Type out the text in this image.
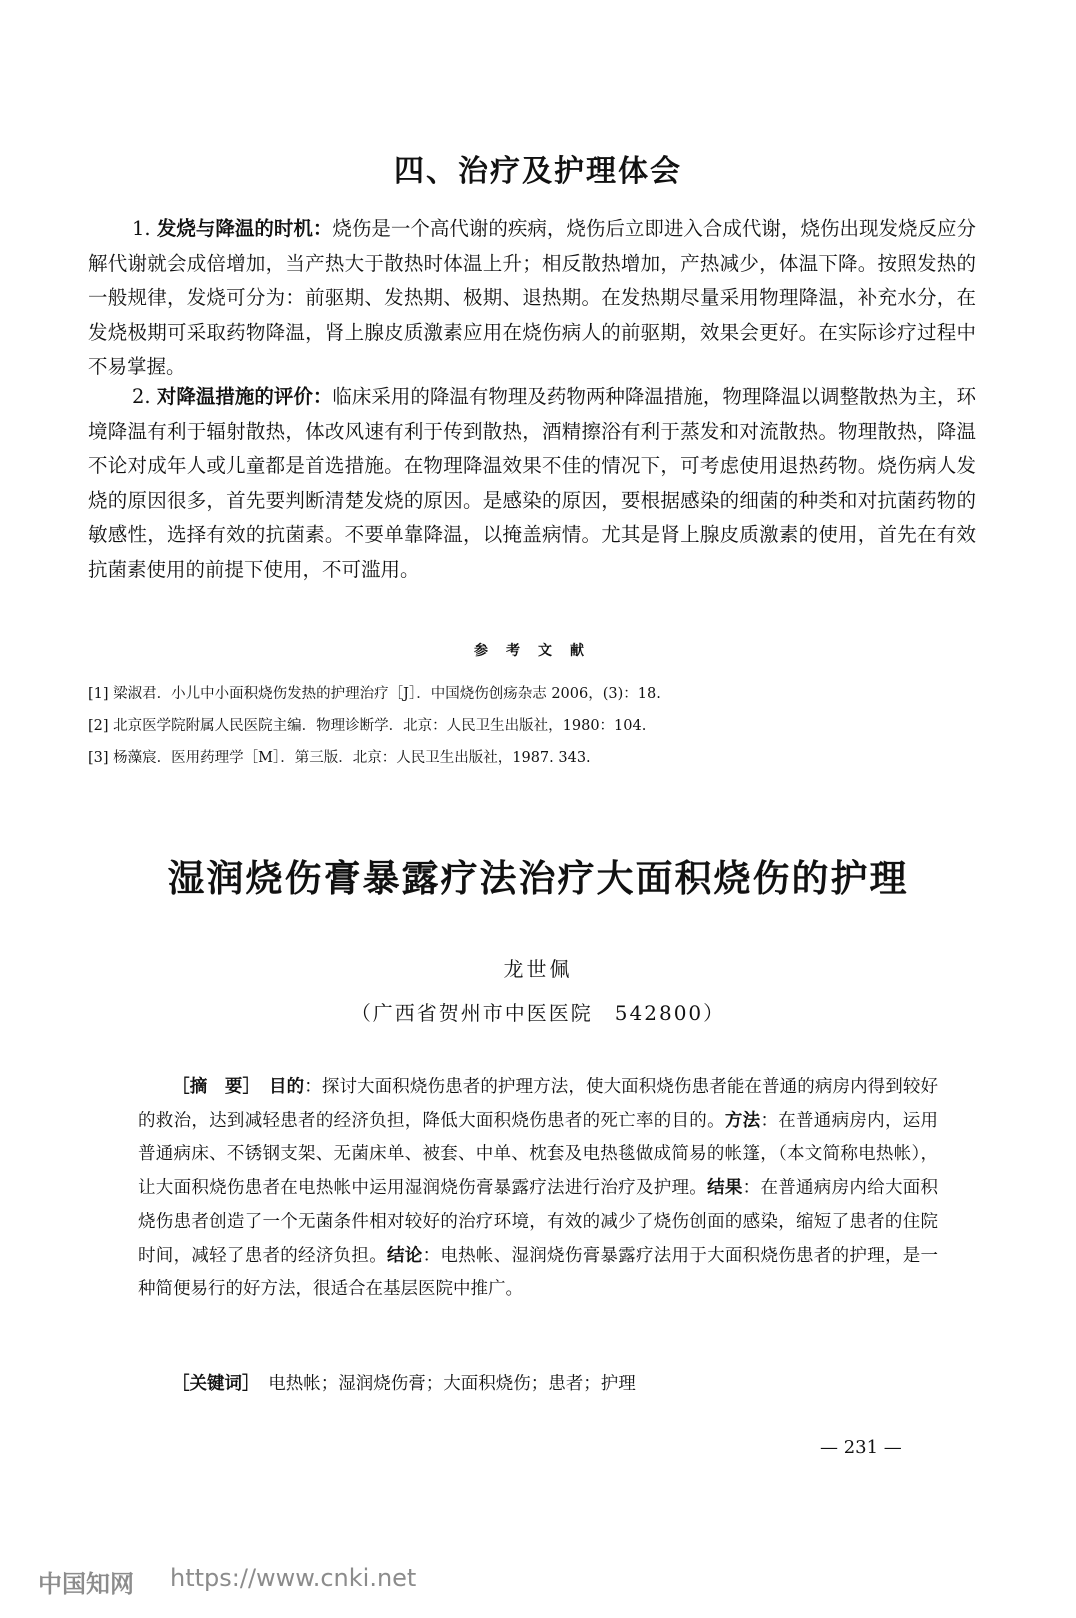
四、治疗及护理体会
1. 发烧与降温的时机：烧伤是一个高代谢的疾病，烧伤后立即进入合成代谢，烧伤出现发烧反应分解代谢就会成倍增加，当产热大于散热时体温上升；相反散热增加，产热减少，体温下降。按照发热的一般规律，发烧可分为：前驱期、发热期、极期、退热期。在发热期尽量采用物理降温，补充水分，在发烧极期可采取药物降温，肾上腺皮质激素应用在烧伤病人的前驱期，效果会更好。在实际诊疗过程中不易掌握。
2. 对降温措施的评价：临床采用的降温有物理及药物两种降温措施，物理降温以调整散热为主，环境降温有利于辐射散热，体改风速有利于传到散热，酒精擦浴有利于蒸发和对流散热。物理散热，降温不论对成年人或儿童都是首选措施。在物理降温效果不佳的情况下，可考虑使用退热药物。烧伤病人发烧的原因很多，首先要判断清楚发烧的原因。是感染的原因，要根据感染的细菌的种类和对抗菌药物的敏感性，选择有效的抗菌素。不要单靠降温，以掩盖病情。尤其是肾上腺皮质激素的使用，首先在有效抗菌素使用的前提下使用，不可滥用。
参考文献
[1] 梁淑君．小儿中小面积烧伤发热的护理治疗［J］．中国烧伤创疡杂志 2006，(3)：18.
[2] 北京医学院附属人民医院主编．物理诊断学．北京：人民卫生出版社，1980：104.
[3] 杨藻宸．医用药理学［M］．第三版．北京：人民卫生出版社，1987. 343.
湿润烧伤膏暴露疗法治疗大面积烧伤的护理
龙世佩
（广西省贺州市中医医院　542800）
［摘　要］　 目的：探讨大面积烧伤患者的护理方法，使大面积烧伤患者能在普通的病房内得到较好的救治，达到减轻患者的经济负担，降低大面积烧伤患者的死亡率的目的。方法：在普通病房内，运用普通病床、不锈钢支架、无菌床单、被套、中单、枕套及电热毯做成简易的帐篷，（本文简称电热帐），让大面积烧伤患者在电热帐中运用湿润烧伤膏暴露疗法进行治疗及护理。结果：在普通病房内给大面积烧伤患者创造了一个无菌条件相对较好的治疗环境，有效的减少了烧伤创面的感染，缩短了患者的住院时间，减轻了患者的经济负担。结论：电热帐、湿润烧伤膏暴露疗法用于大面积烧伤患者的护理，是一种简便易行的好方法，很适合在基层医院中推广。
［关键词］　 电热帐；湿润烧伤膏；大面积烧伤；患者；护理
— 231 —
中国知网 https://www.cnki.net
